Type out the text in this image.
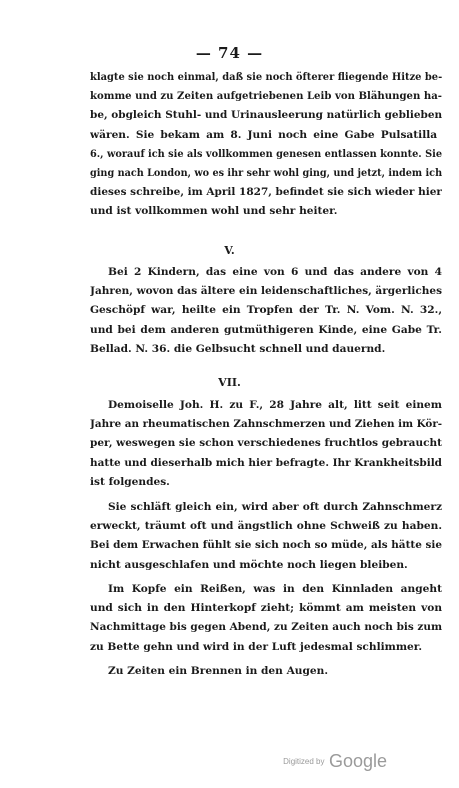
— 74 —
klagte sie noch einmal, daß sie noch öfterer fliegende Hitze be-
komme und zu Zeiten aufgetriebenen Leib von Blähungen ha-
be, obgleich Stuhl- und Urinausleerung natürlich geblieben
wären. Sie bekam am 8. Juni noch eine Gabe Pulsatilla
6., worauf ich sie als vollkommen genesen entlassen konnte. Sie
ging nach London, wo es ihr sehr wohl ging, und jetzt, indem ich
dieses schreibe, im April 1827, befindet sie sich wieder hier
und ist vollkommen wohl und sehr heiter.
V.
Bei 2 Kindern, das eine von 6 und das andere von 4
Jahren, wovon das ältere ein leidenschaftliches, ärgerliches
Geschöpf war, heilte ein Tropfen der Tr. N. Vom. N. 32.,
und bei dem anderen gutmüthigeren Kinde, eine Gabe Tr.
Bellad. N. 36. die Gelbsucht schnell und dauernd.
VII.
Demoiselle Joh. H. zu F., 28 Jahre alt, litt seit einem
Jahre an rheumatischen Zahnschmerzen und Ziehen im Kör-
per, weswegen sie schon verschiedenes fruchtlos gebraucht
hatte und dieserhalb mich hier befragte. Ihr Krankheitsbild
ist folgendes.
Sie schläft gleich ein, wird aber oft durch Zahnschmerz
erweckt, träumt oft und ängstlich ohne Schweiß zu haben.
Bei dem Erwachen fühlt sie sich noch so müde, als hätte sie
nicht ausgeschlafen und möchte noch liegen bleiben.
Im Kopfe ein Reißen, was in den Kinnladen angeht
und sich in den Hinterkopf zieht; kömmt am meisten von
Nachmittage bis gegen Abend, zu Zeiten auch noch bis zum
zu Bette gehn und wird in der Luft jedesmal schlimmer.
Zu Zeiten ein Brennen in den Augen.
Digitized by Google
